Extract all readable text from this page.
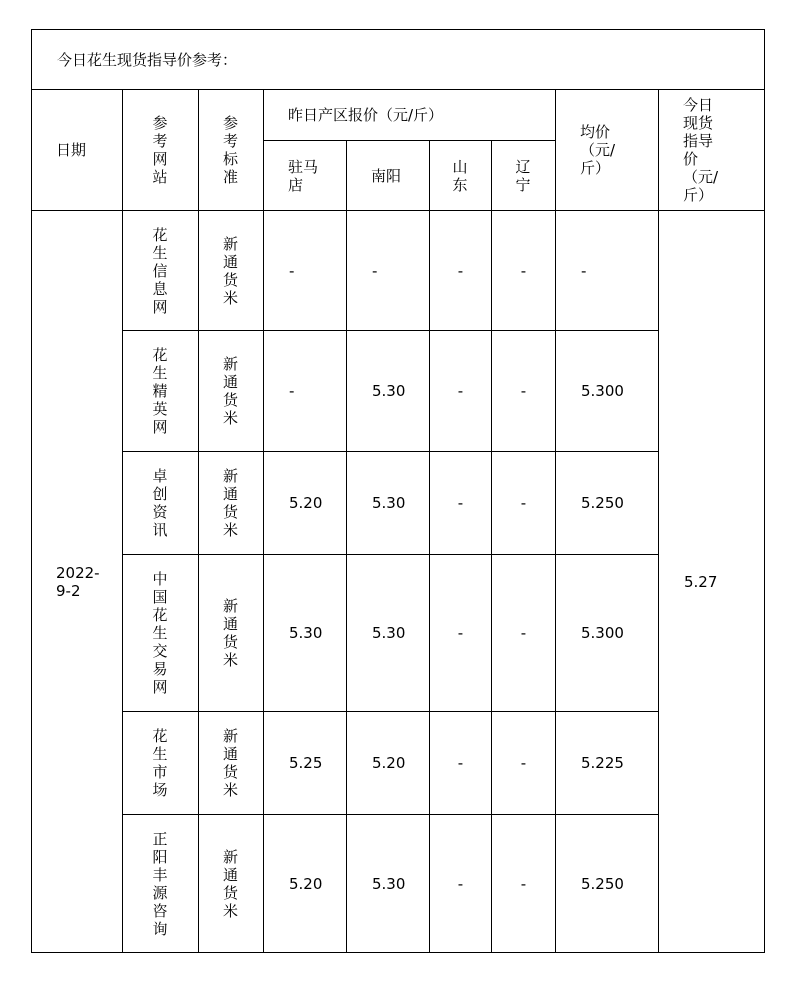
今日花生现货指导价参考：								
日期	参考网站	参考标准	昨日产区报价（元/斤）				均价（元/斤）	今日现货指导价（元/斤）

			驻马店	南阳	山东	辽宁		

2022-9-2	花生信息网	新通货米	-	-	-	-	-	5.27

	花生精英网	新通货米	-	5.30	-	-	5.300	

	卓创资讯	新通货米	5.20	5.30	-	-	5.250	

	中国花生交易网	新通货米	5.30	5.30	-	-	5.300	

	花生市场	新通货米	5.25	5.20	-	-	5.225	

	正阳丰源咨询	新通货米	5.20	5.30	-	-	5.250	
